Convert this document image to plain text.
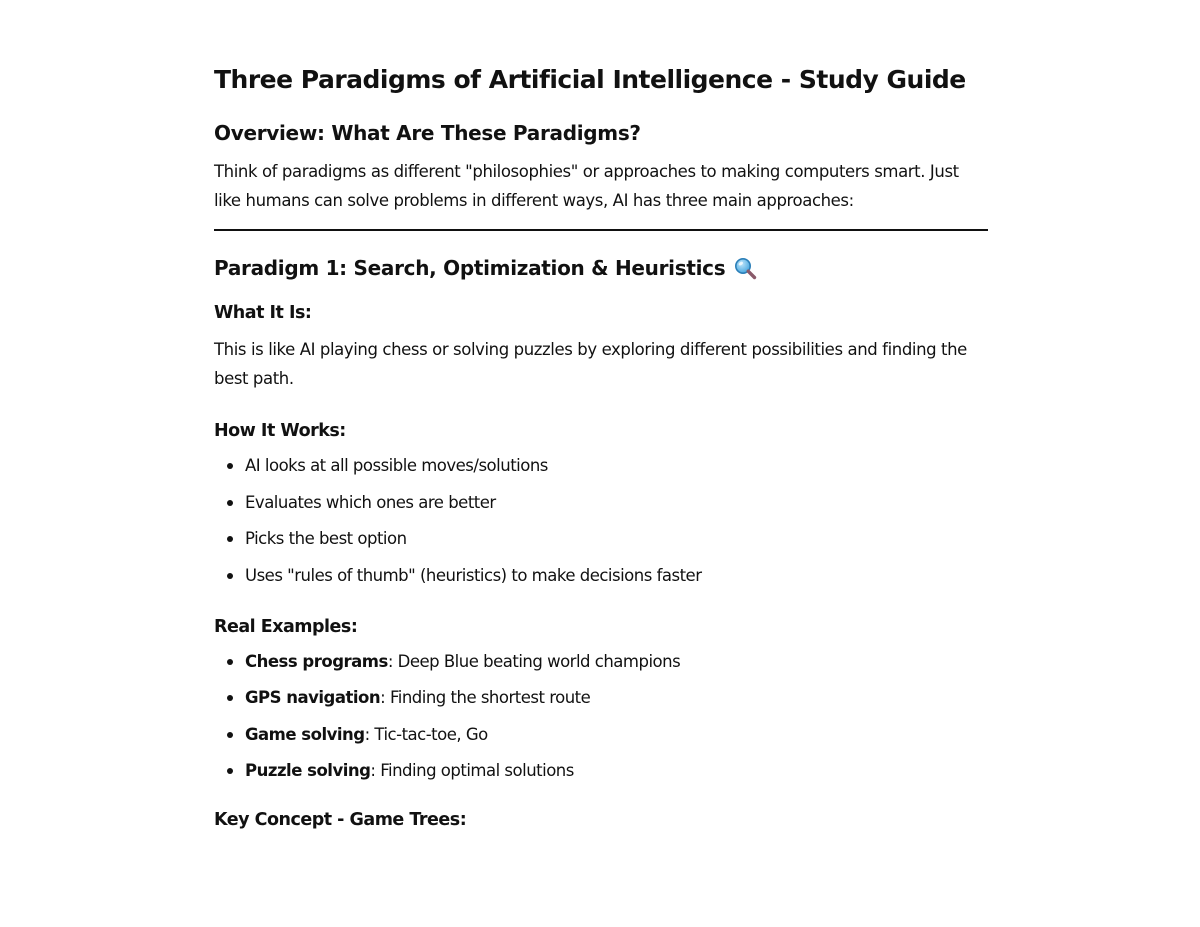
Three Paradigms of Artificial Intelligence - Study Guide
Overview: What Are These Paradigms?

Think of paradigms as different "philosophies" or approaches to making computers smart. Just like humans can solve problems in different ways, AI has three main approaches:

Paradigm 1: Search, Optimization & Heuristics
What It Is:

This is like AI playing chess or solving puzzles by exploring different possibilities and finding the best path.

How It Works:
AI looks at all possible moves/solutions
Evaluates which ones are better
Picks the best option
Uses "rules of thumb" (heuristics) to make decisions faster
Real Examples:
Chess programs: Deep Blue beating world champions
GPS navigation: Finding the shortest route
Game solving: Tic-tac-toe, Go
Puzzle solving: Finding optimal solutions
Key Concept - Game Trees:
